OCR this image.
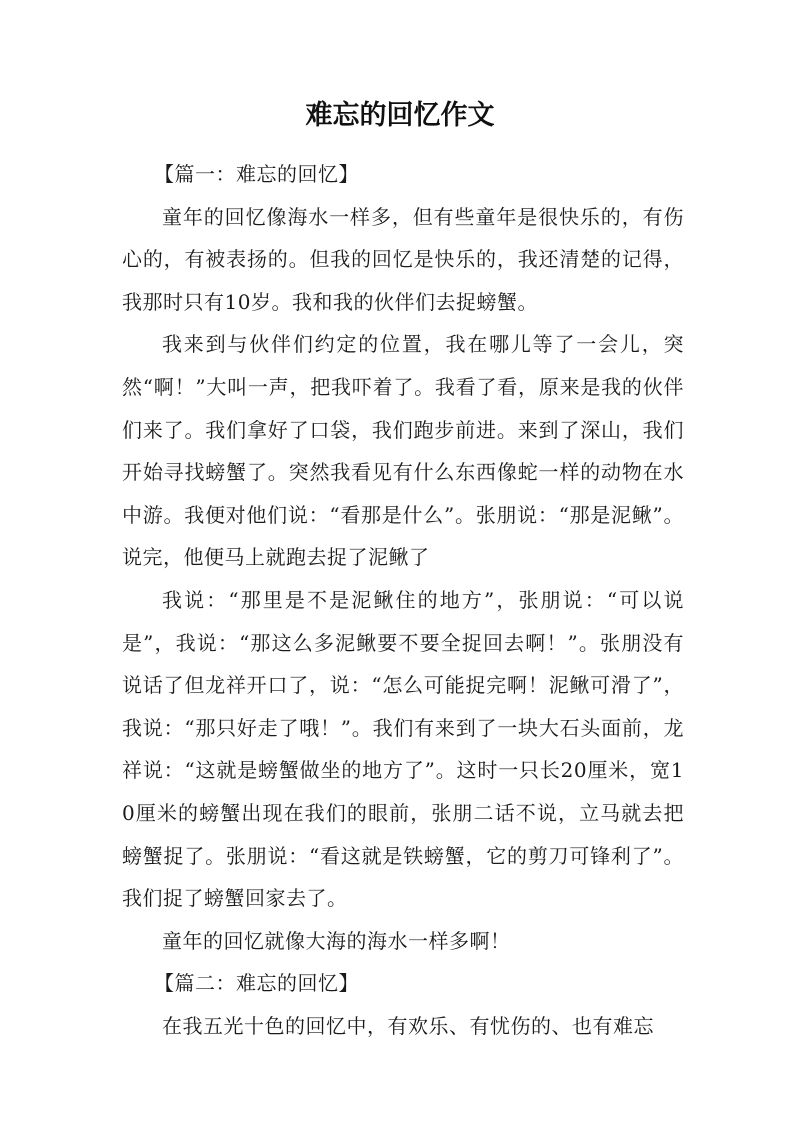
难忘的回忆作文

【篇一：难忘的回忆】

童年的回忆像海水一样多，但有些童年是很快乐的，有伤心的，有被表扬的。但我的回忆是快乐的，我还清楚的记得，我那时只有10岁。我和我的伙伴们去捉螃蟹。

我来到与伙伴们约定的位置，我在哪儿等了一会儿，突然“啊！”大叫一声，把我吓着了。我看了看，原来是我的伙伴们来了。我们拿好了口袋，我们跑步前进。来到了深山，我们开始寻找螃蟹了。突然我看见有什么东西像蛇一样的动物在水中游。我便对他们说：“看那是什么”。张朋说：“那是泥鳅”。说完，他便马上就跑去捉了泥鳅了

我说：“那里是不是泥鳅住的地方”，张朋说：“可以说是”，我说：“那这么多泥鳅要不要全捉回去啊！”。张朋没有说话了但龙祥开口了，说：“怎么可能捉完啊！泥鳅可滑了”，我说：“那只好走了哦！”。我们有来到了一块大石头面前，龙祥说：“这就是螃蟹做坐的地方了”。这时一只长20厘米，宽10厘米的螃蟹出现在我们的眼前，张朋二话不说，立马就去把螃蟹捉了。张朋说：“看这就是铁螃蟹，它的剪刀可锋利了”。我们捉了螃蟹回家去了。

童年的回忆就像大海的海水一样多啊！

【篇二：难忘的回忆】

在我五光十色的回忆中，有欢乐、有忧伤的、也有难忘
